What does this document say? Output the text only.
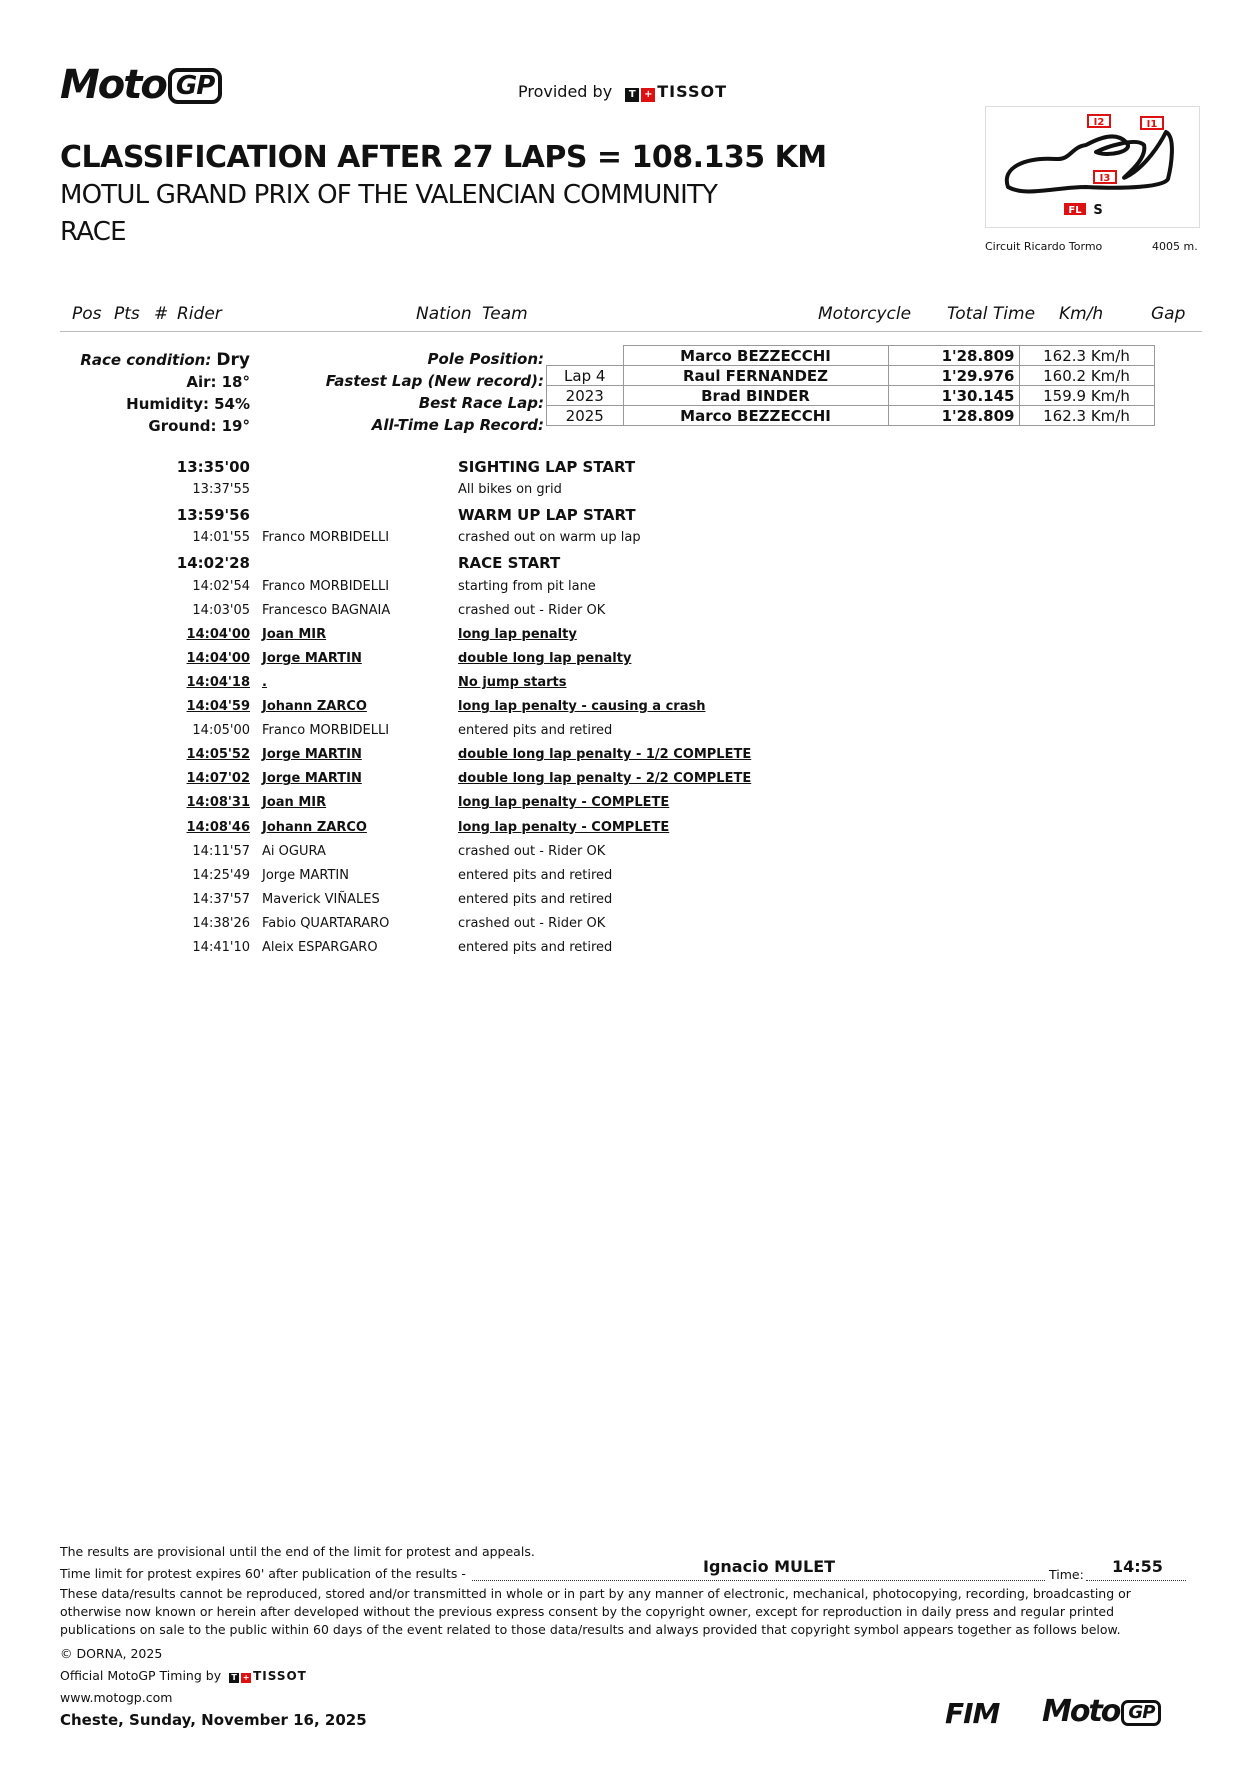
Moto GP	Provided by T + TISSOT
CLASSIFICATION AFTER 27 LAPS = 108.135 KM
MOTUL GRAND PRIX OF THE VALENCIAN COMMUNITY
RACE
I2	I1
I3
FL S
Circuit Ricardo Tormo	4005 m.
Pos Pts # Rider	Nation Team	Motorcycle Total Time Km/h	Gap
Race condition: Dry
Air: 18°
Humidity: 54%
Ground: 19°
Pole Position:
Fastest Lap (New record):
Best Race Lap:
All-Time Lap Record:
	Marco BEZZECCHI	1'28.809	162.3 Km/h
Lap 4	Raul FERNANDEZ	1'29.976	160.2 Km/h
2023	Brad BINDER	1'30.145	159.9 Km/h
2025	Marco BEZZECCHI	1'28.809	162.3 Km/h
13:35'00	SIGHTING LAP START
13:37'55	All bikes on grid
13:59'56	WARM UP LAP START
14:01'55 Franco MORBIDELLI	crashed out on warm up lap
14:02'28	RACE START
14:02'54 Franco MORBIDELLI	starting from pit lane
14:03'05 Francesco BAGNAIA	crashed out - Rider OK
14:04'00 Joan MIR	long lap penalty
14:04'00 Jorge MARTIN	double long lap penalty
14:04'18 .	No jump starts
14:04'59 Johann ZARCO	long lap penalty - causing a crash
14:05'00 Franco MORBIDELLI	entered pits and retired
14:05'52 Jorge MARTIN	double long lap penalty - 1/2 COMPLETE
14:07'02 Jorge MARTIN	double long lap penalty - 2/2 COMPLETE
14:08'31 Joan MIR	long lap penalty - COMPLETE
14:08'46 Johann ZARCO	long lap penalty - COMPLETE
14:11'57 Ai OGURA	crashed out - Rider OK
14:25'49 Jorge MARTIN	entered pits and retired
14:37'57 Maverick VIÑALES	entered pits and retired
14:38'26 Fabio QUARTARARO	crashed out - Rider OK
14:41'10 Aleix ESPARGARO	entered pits and retired
The results are provisional until the end of the limit for protest and appeals.
Time limit for protest expires 60' after publication of the results -	Ignacio MULET	Time: 14:55
These data/results cannot be reproduced, stored and/or transmitted in whole or in part by any manner of electronic, mechanical, photocopying, recording, broadcasting or otherwise now known or herein after developed without the previous express consent by the copyright owner, except for reproduction in daily press and regular printed publications on sale to the public within 60 days of the event related to those data/results and always provided that copyright symbol appears together as follows below.
© DORNA, 2025
Official MotoGP Timing by T + TISSOT
www.motogp.com
Cheste, Sunday, November 16, 2025	FIM Moto GP
